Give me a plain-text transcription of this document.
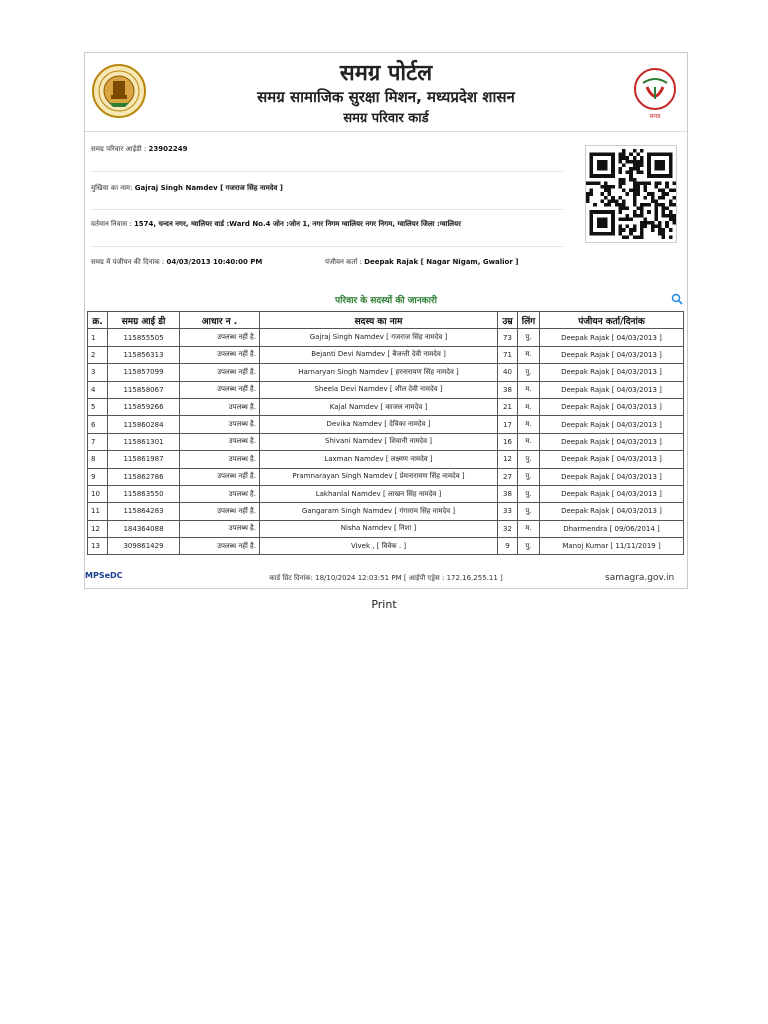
समग्र पोर्टल
समग्र सामाजिक सुरक्षा मिशन, मध्यप्रदेश शासन
समग्र परिवार कार्ड	समग्र
समग्र परिवार आईडी : 23902249
मुखिया का नाम: Gajraj Singh Namdev [ गजराज सिंह नामदेव ]
वर्तमान निवास : 1574, चन्दन नगर, ग्वालियर वार्ड :Ward No.4 जोन :जोन 1, नगर निगम ग्वालियर नगर निगम, ग्वालियर जिला :ग्वालियर
समग्र में पंजीयन की दिनांक : 04/03/2013 10:40:00 PM	पंजीयन कर्ता : Deepak Rajak [ Nagar Nigam, Gwalior ]
परिवार के सदस्यों की जानकारी
क्र.	समग्र आई डी	आधार न .	सदस्य का नाम	उम्र	लिंग	पंजीयन कर्ता/दिनांक
1	115855505	उपलब्ध नहीं है.	Gajraj Singh Namdev [ गजराज सिंह नामदेव ]	73	पु.	Deepak Rajak [ 04/03/2013 ]
2	115856313	उपलब्ध नहीं है.	Bejanti Devi Namdev [ बैजन्ती देवी नामदेव ]	71	म.	Deepak Rajak [ 04/03/2013 ]
3	115857099	उपलब्ध नहीं है.	Harnaryan Singh Namdev [ हरनारायण सिंह नामदेव ]	40	पु.	Deepak Rajak [ 04/03/2013 ]
4	115858067	उपलब्ध नहीं है.	Sheela Devi Namdev [ शील देवी नामदेव ]	38	म.	Deepak Rajak [ 04/03/2013 ]
5	115859266	उपलब्ध है.	Kajal Namdev [ काजल नामदेव ]	21	म.	Deepak Rajak [ 04/03/2013 ]
6	115860284	उपलब्ध है.	Devika Namdev [ देविका नामदेव ]	17	म.	Deepak Rajak [ 04/03/2013 ]
7	115861301	उपलब्ध है.	Shivani Namdev [ शिवानी नामदेव ]	16	म.	Deepak Rajak [ 04/03/2013 ]
8	115861987	उपलब्ध है.	Laxman Namdev [ लक्ष्मण नामदेव ]	12	पु.	Deepak Rajak [ 04/03/2013 ]
9	115862786	उपलब्ध नहीं है.	Pramnarayan Singh Namdev [ प्रेमनारायण सिंह नामदेव ]	27	पु.	Deepak Rajak [ 04/03/2013 ]
10	115863550	उपलब्ध है.	Lakhanlal Namdev [ लाखन सिंह नामदेव ]	38	पु.	Deepak Rajak [ 04/03/2013 ]
11	115864283	उपलब्ध नहीं है.	Gangaram Singh Namdev [ गंगाराम सिंह नामदेव ]	33	पु.	Deepak Rajak [ 04/03/2013 ]
12	184364088	उपलब्ध है.	Nisha Namdev [ निशा ]	32	म.	Dharmendra [ 09/06/2014 ]
13	309861429	उपलब्ध नहीं है.	Vivek , [ विवेक . ]	9	पु.	Manoj Kumar [ 11/11/2019 ]
MPSeDC	कार्ड प्रिंट दिनांक: 18/10/2024 12:03:51 PM [ आईपी एड्रेस : 172.16.255.11 ]	samagra.gov.in
Print
